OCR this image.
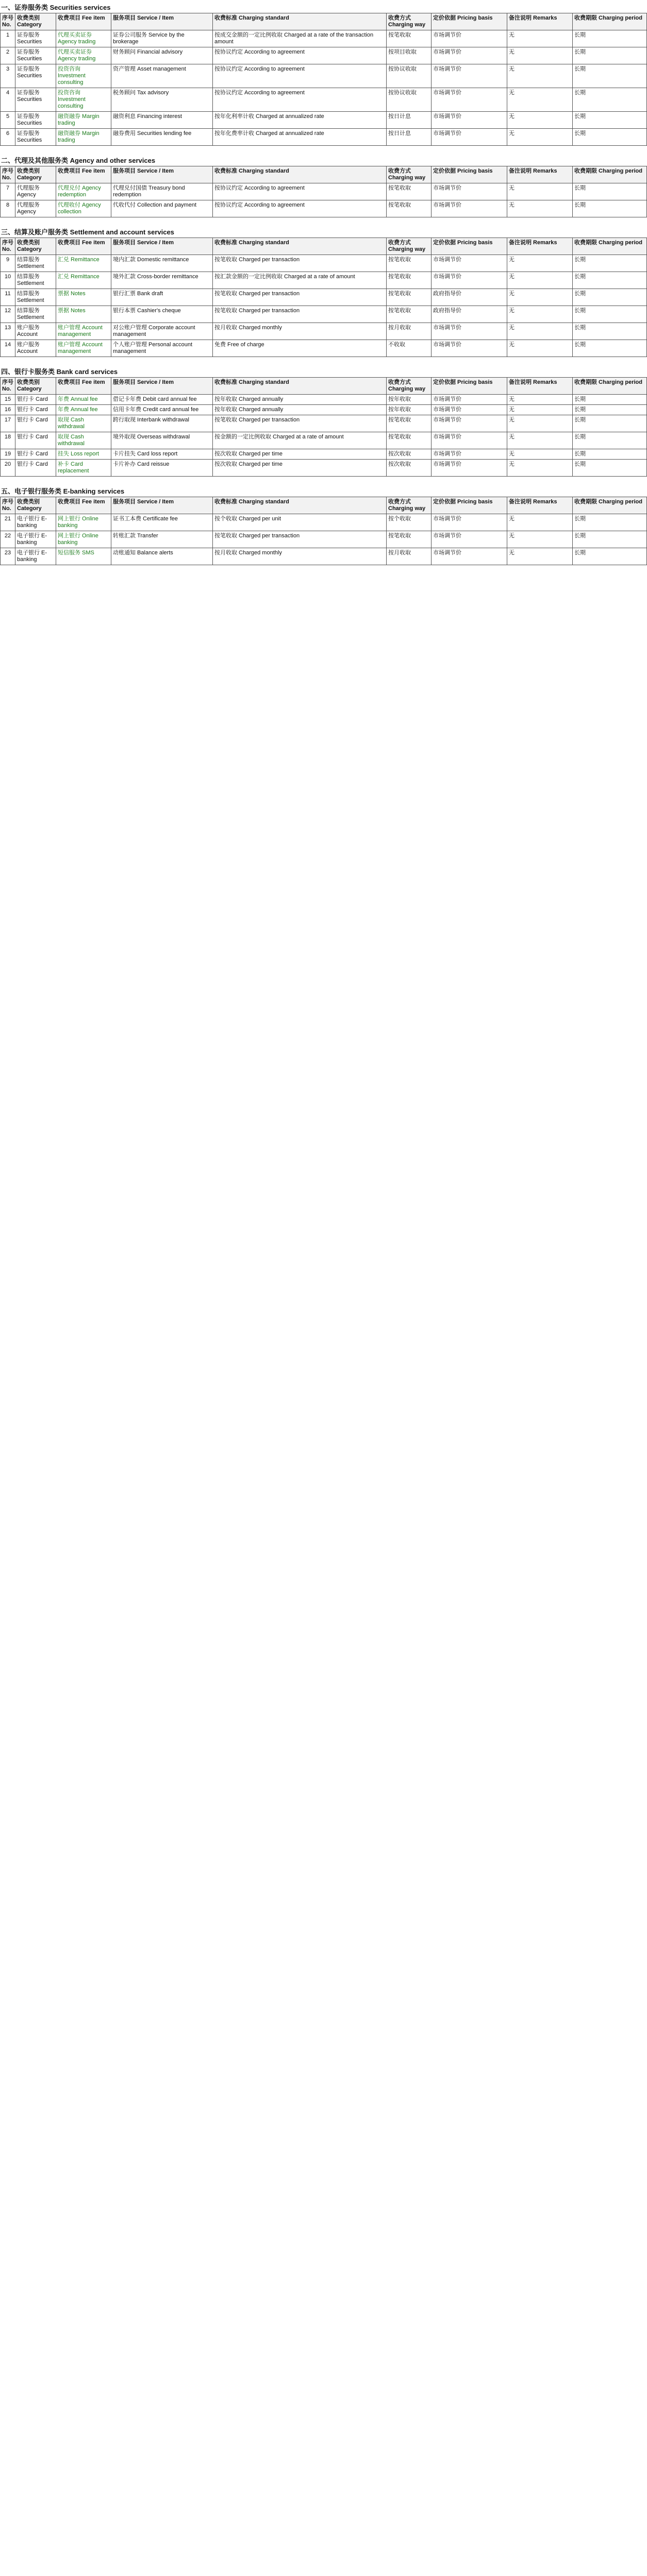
一、证券服务类 Securities services
序号 No.	收费类别 Category	收费项目 Fee item	服务项目 Service / Item	收费标准 Charging standard	收费方式 Charging way	定价依据 Pricing basis	备注说明 Remarks	收费期限 Charging period
1	证券服务 Securities	代理买卖证券 Agency trading	证券公司服务 Service by the brokerage	按成交金额的一定比例收取 Charged at a rate of the transaction amount	按笔收取	市场调节价	无	长期
2	证券服务 Securities	代理买卖证券 Agency trading	财务顾问 Financial advisory	按协议约定 According to agreement	按项目收取	市场调节价	无	长期
3	证券服务 Securities	投资咨询 Investment consulting	资产管理 Asset management	按协议约定 According to agreement	按协议收取	市场调节价	无	长期
4	证券服务 Securities	投资咨询 Investment consulting	税务顾问 Tax advisory	按协议约定 According to agreement	按协议收取	市场调节价	无	长期
5	证券服务 Securities	融资融券 Margin trading	融资利息 Financing interest	按年化利率计收 Charged at annualized rate	按日计息	市场调节价	无	长期
6	证券服务 Securities	融资融券 Margin trading	融券费用 Securities lending fee	按年化费率计收 Charged at annualized rate	按日计息	市场调节价	无	长期
二、代理及其他服务类 Agency and other services
序号 No.	收费类别 Category	收费项目 Fee item	服务项目 Service / Item	收费标准 Charging standard	收费方式 Charging way	定价依据 Pricing basis	备注说明 Remarks	收费期限 Charging period
7	代理服务 Agency	代理兑付 Agency redemption	代理兑付国债 Treasury bond redemption	按协议约定 According to agreement	按笔收取	市场调节价	无	长期
8	代理服务 Agency	代理收付 Agency collection	代收代付 Collection and payment	按协议约定 According to agreement	按笔收取	市场调节价	无	长期
三、结算及账户服务类 Settlement and account services
序号 No.	收费类别 Category	收费项目 Fee item	服务项目 Service / Item	收费标准 Charging standard	收费方式 Charging way	定价依据 Pricing basis	备注说明 Remarks	收费期限 Charging period
9	结算服务 Settlement	汇兑 Remittance	境内汇款 Domestic remittance	按笔收取 Charged per transaction	按笔收取	市场调节价	无	长期
10	结算服务 Settlement	汇兑 Remittance	境外汇款 Cross-border remittance	按汇款金额的一定比例收取 Charged at a rate of amount	按笔收取	市场调节价	无	长期
11	结算服务 Settlement	票据 Notes	银行汇票 Bank draft	按笔收取 Charged per transaction	按笔收取	政府指导价	无	长期
12	结算服务 Settlement	票据 Notes	银行本票 Cashier's cheque	按笔收取 Charged per transaction	按笔收取	政府指导价	无	长期
13	账户服务 Account	账户管理 Account management	对公账户管理 Corporate account management	按月收取 Charged monthly	按月收取	市场调节价	无	长期
14	账户服务 Account	账户管理 Account management	个人账户管理 Personal account management	免费 Free of charge	不收取	市场调节价	无	长期
四、银行卡服务类 Bank card services
序号 No.	收费类别 Category	收费项目 Fee item	服务项目 Service / Item	收费标准 Charging standard	收费方式 Charging way	定价依据 Pricing basis	备注说明 Remarks	收费期限 Charging period
15	银行卡 Card	年费 Annual fee	借记卡年费 Debit card annual fee	按年收取 Charged annually	按年收取	市场调节价	无	长期
16	银行卡 Card	年费 Annual fee	信用卡年费 Credit card annual fee	按年收取 Charged annually	按年收取	市场调节价	无	长期
17	银行卡 Card	取现 Cash withdrawal	跨行取现 Interbank withdrawal	按笔收取 Charged per transaction	按笔收取	市场调节价	无	长期
18	银行卡 Card	取现 Cash withdrawal	境外取现 Overseas withdrawal	按金额的一定比例收取 Charged at a rate of amount	按笔收取	市场调节价	无	长期
19	银行卡 Card	挂失 Loss report	卡片挂失 Card loss report	按次收取 Charged per time	按次收取	市场调节价	无	长期
20	银行卡 Card	补卡 Card replacement	卡片补办 Card reissue	按次收取 Charged per time	按次收取	市场调节价	无	长期
五、电子银行服务类 E-banking services
序号 No.	收费类别 Category	收费项目 Fee item	服务项目 Service / Item	收费标准 Charging standard	收费方式 Charging way	定价依据 Pricing basis	备注说明 Remarks	收费期限 Charging period
21	电子银行 E-banking	网上银行 Online banking	证书工本费 Certificate fee	按个收取 Charged per unit	按个收取	市场调节价	无	长期
22	电子银行 E-banking	网上银行 Online banking	转账汇款 Transfer	按笔收取 Charged per transaction	按笔收取	市场调节价	无	长期
23	电子银行 E-banking	短信服务 SMS	动账通知 Balance alerts	按月收取 Charged monthly	按月收取	市场调节价	无	长期
